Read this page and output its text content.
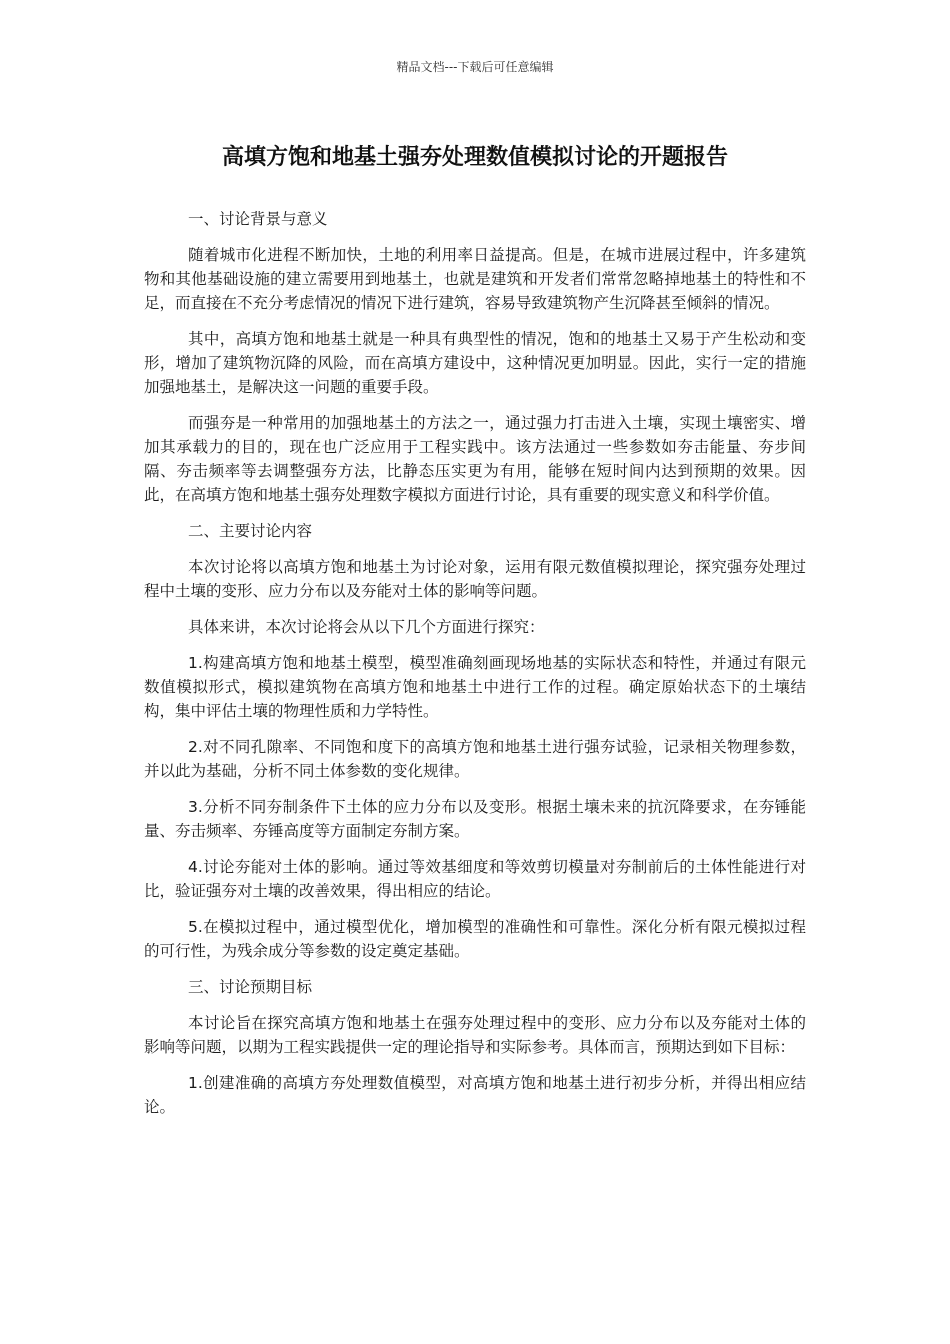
精品文档---下载后可任意编辑
高填方饱和地基土强夯处理数值模拟讨论的开题报告

一、讨论背景与意义

随着城市化进程不断加快，土地的利用率日益提高。但是，在城市进展过程中，许多建筑物和其他基础设施的建立需要用到地基土，也就是建筑和开发者们常常忽略掉地基土的特性和不足，而直接在不充分考虑情况的情况下进行建筑，容易导致建筑物产生沉降甚至倾斜的情况。

其中，高填方饱和地基土就是一种具有典型性的情况，饱和的地基土又易于产生松动和变形，增加了建筑物沉降的风险，而在高填方建设中，这种情况更加明显。因此，实行一定的措施加强地基土，是解决这一问题的重要手段。

而强夯是一种常用的加强地基土的方法之一，通过强力打击进入土壤，实现土壤密实、增加其承载力的目的，现在也广泛应用于工程实践中。该方法通过一些参数如夯击能量、夯步间隔、夯击频率等去调整强夯方法，比静态压实更为有用，能够在短时间内达到预期的效果。因此，在高填方饱和地基土强夯处理数字模拟方面进行讨论，具有重要的现实意义和科学价值。

二、主要讨论内容

本次讨论将以高填方饱和地基土为讨论对象，运用有限元数值模拟理论，探究强夯处理过程中土壤的变形、应力分布以及夯能对土体的影响等问题。

具体来讲，本次讨论将会从以下几个方面进行探究：

1.构建高填方饱和地基土模型，模型准确刻画现场地基的实际状态和特性，并通过有限元数值模拟形式，模拟建筑物在高填方饱和地基土中进行工作的过程。确定原始状态下的土壤结构，集中评估土壤的物理性质和力学特性。

2.对不同孔隙率、不同饱和度下的高填方饱和地基土进行强夯试验，记录相关物理参数，并以此为基础，分析不同土体参数的变化规律。

3.分析不同夯制条件下土体的应力分布以及变形。根据土壤未来的抗沉降要求，在夯锤能量、夯击频率、夯锤高度等方面制定夯制方案。

4.讨论夯能对土体的影响。通过等效基细度和等效剪切模量对夯制前后的土体性能进行对比，验证强夯对土壤的改善效果，得出相应的结论。

5.在模拟过程中，通过模型优化，增加模型的准确性和可靠性。深化分析有限元模拟过程的可行性，为残余成分等参数的设定奠定基础。

三、讨论预期目标

本讨论旨在探究高填方饱和地基土在强夯处理过程中的变形、应力分布以及夯能对土体的影响等问题，以期为工程实践提供一定的理论指导和实际参考。具体而言，预期达到如下目标：

1.创建准确的高填方夯处理数值模型，对高填方饱和地基土进行初步分析，并得出相应结论。
